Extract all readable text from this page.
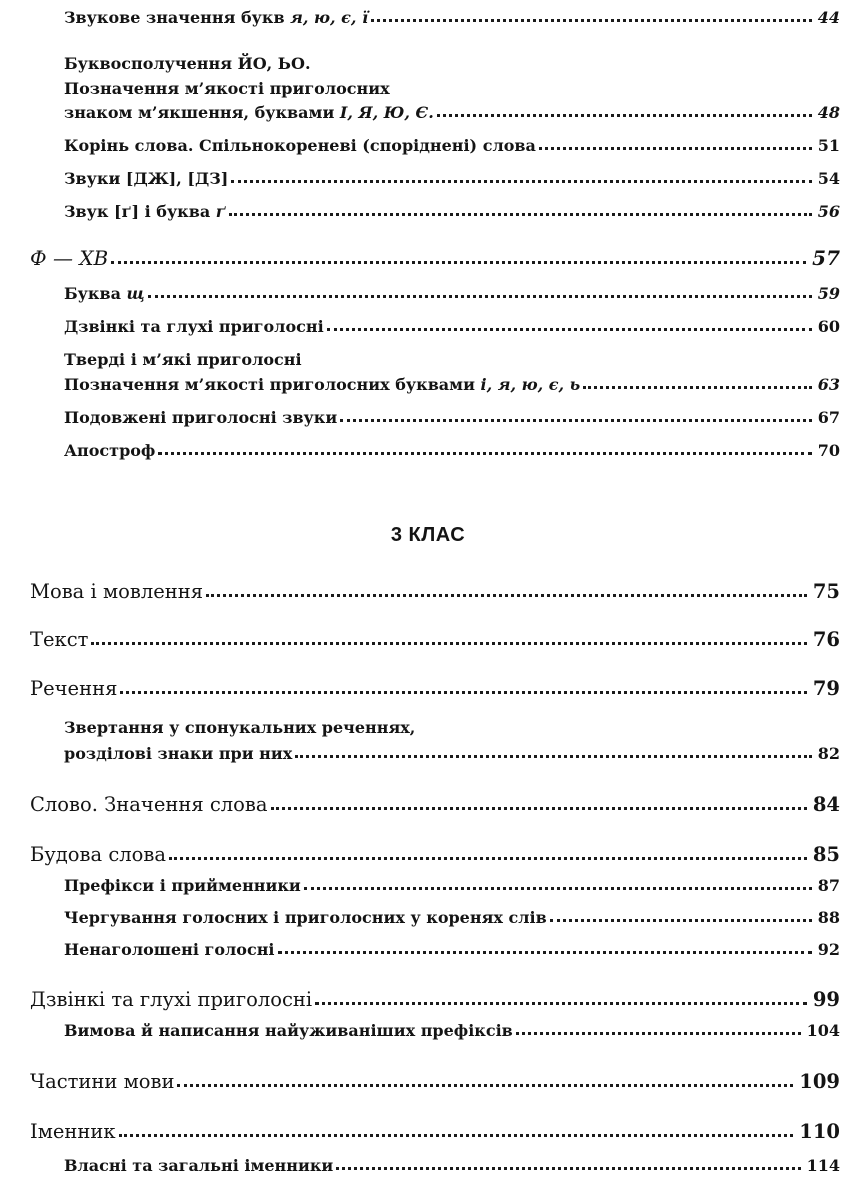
Звукове значення букв я, ю, є, ї	44
Буквосполучення ЙО, ЬО.
Позначення м’якості приголосних
знаком м’якшення, буквами І, Я, Ю, Є.	48
Корінь слова. Спільнокореневі (споріднені) слова	51
Звуки [ДЖ], [ДЗ]	54
Звук [ґ] і буква ґ	56
Ф — ХВ	57
Буква щ	59
Дзвінкі та глухі приголосні	60
Тверді і м’які приголосні
Позначення м’якості приголосних буквами і, я, ю, є, ь	63
Подовжені приголосні звуки	67
Апостроф	70
3 КЛАС
Мова і мовлення	75
Текст	76
Речення	79
Звертання у спонукальних реченнях,
розділові знаки при них	82
Слово. Значення слова	84
Будова слова	85
Префікси і прийменники	87
Чергування голосних і приголосних у коренях слів	88
Ненаголошені голосні	92
Дзвінкі та глухі приголосні	99
Вимова й написання найуживаніших префіксів	104
Частини мови	109
Іменник	110
Власні та загальні іменники	114
